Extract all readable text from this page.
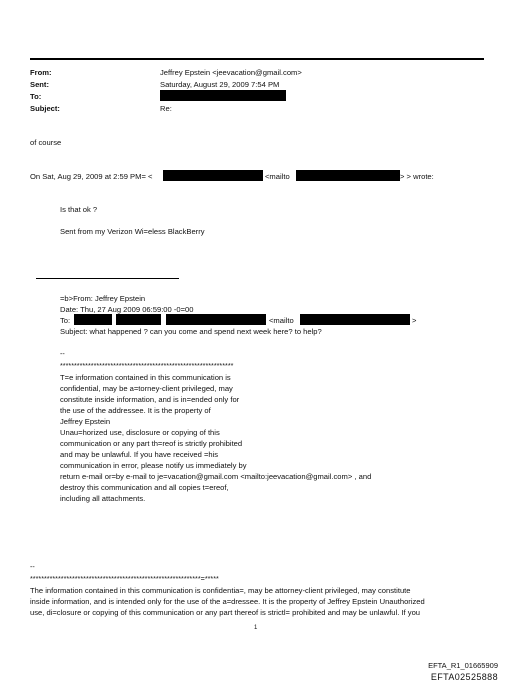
From:	Jeffrey Epstein <jeevacation@gmail.com>
Sent:	Saturday, August 29, 2009 7:54 PM
To:
Subject:	Re:
of course
On Sat, Aug 29, 2009 at 2:59 PM= <	<mailto	> > wrote:
Is that ok ?
Sent from my Verizon Wi=eless BlackBerry
=b>From: Jeffrey Epstein
Date: Thu, 27 Aug 2009 06:59:00 -0=00
To:	<mailto	>
Subject: what happened ? can you come and spend next week here? to help?
--
**************************************************************
T=e information contained in this communication is
confidential, may be a=torney-client privileged, may
constitute inside information, and is in=ended only for
the use of the addressee. It is the property of
Jeffrey Epstein
Unau=horized use, disclosure or copying of this
communication or any part th=reof is strictly prohibited
and may be unlawful. If you have received =his
communication in error, please notify us immediately by
return e-mail or=by e-mail to je=vacation@gmail.com <mailto:jeevacation@gmail.com> , and
destroy this communication and all copies t=ereof,
including all attachments.
--
*************************************************************=*****
The information contained in this communication is confidentia=, may be attorney-client privileged, may constitute
inside information, and is intended only for the use of the a=dressee. It is the property of Jeffrey Epstein Unauthorized
use, di=closure or copying of this communication or any part thereof is strictl= prohibited and may be unlawful. If you
1
EFTA_R1_01665909
EFTA02525888
